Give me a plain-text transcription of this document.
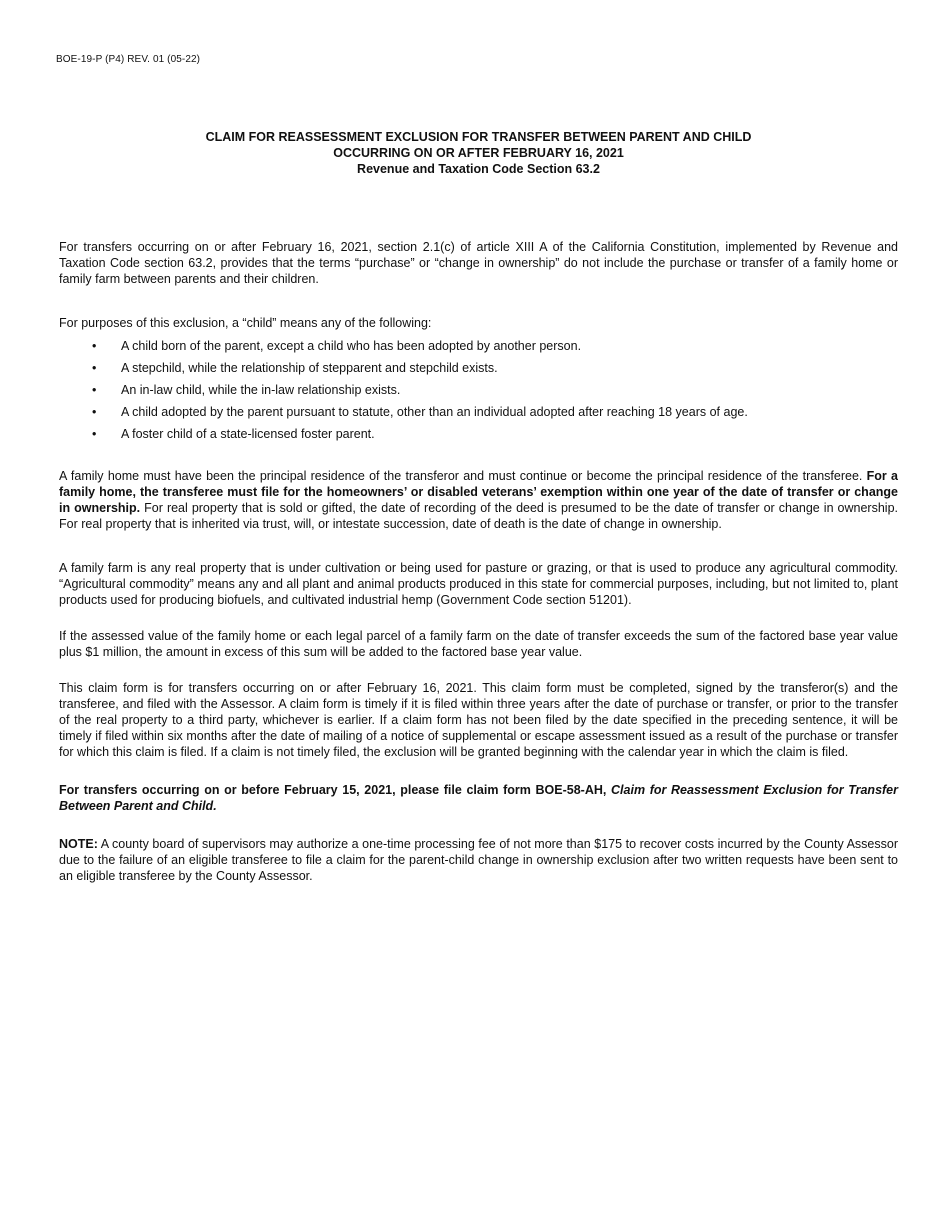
BOE-19-P (P4) REV. 01 (05-22)
CLAIM FOR REASSESSMENT EXCLUSION FOR TRANSFER BETWEEN PARENT AND CHILD
OCCURRING ON OR AFTER FEBRUARY 16, 2021
Revenue and Taxation Code Section 63.2

For transfers occurring on or after February 16, 2021, section 2.1(c) of article XIII A of the California Constitution, implemented by Revenue and Taxation Code section 63.2, provides that the terms “purchase” or “change in ownership” do not include the purchase or transfer of a family home or family farm between parents and their children.

For purposes of this exclusion, a “child” means any of the following:

• A child born of the parent, except a child who has been adopted by another person.
• A stepchild, while the relationship of stepparent and stepchild exists.
• An in-law child, while the in-law relationship exists.
• A child adopted by the parent pursuant to statute, other than an individual adopted after reaching 18 years of age.
• A foster child of a state-licensed foster parent.

A family home must have been the principal residence of the transferor and must continue or become the principal residence of the transferee. For a family home, the transferee must file for the homeowners’ or disabled veterans’ exemption within one year of the date of transfer or change in ownership. For real property that is sold or gifted, the date of recording of the deed is presumed to be the date of transfer or change in ownership. For real property that is inherited via trust, will, or intestate succession, date of death is the date of change in ownership.

A family farm is any real property that is under cultivation or being used for pasture or grazing, or that is used to produce any agricultural commodity. “Agricultural commodity” means any and all plant and animal products produced in this state for commercial purposes, including, but not limited to, plant products used for producing biofuels, and cultivated industrial hemp (Government Code section 51201).

If the assessed value of the family home or each legal parcel of a family farm on the date of transfer exceeds the sum of the factored base year value plus $1 million, the amount in excess of this sum will be added to the factored base year value.

This claim form is for transfers occurring on or after February 16, 2021. This claim form must be completed, signed by the transferor(s) and the transferee, and filed with the Assessor. A claim form is timely if it is filed within three years after the date of purchase or transfer, or prior to the transfer of the real property to a third party, whichever is earlier. If a claim form has not been filed by the date specified in the preceding sentence, it will be timely if filed within six months after the date of mailing of a notice of supplemental or escape assessment issued as a result of the purchase or transfer for which this claim is filed. If a claim is not timely filed, the exclusion will be granted beginning with the calendar year in which the claim is filed.

For transfers occurring on or before February 15, 2021, please file claim form BOE-58-AH, Claim for Reassessment Exclusion for Transfer Between Parent and Child.

NOTE: A county board of supervisors may authorize a one-time processing fee of not more than $175 to recover costs incurred by the County Assessor due to the failure of an eligible transferee to file a claim for the parent-child change in ownership exclusion after two written requests have been sent to an eligible transferee by the County Assessor.
